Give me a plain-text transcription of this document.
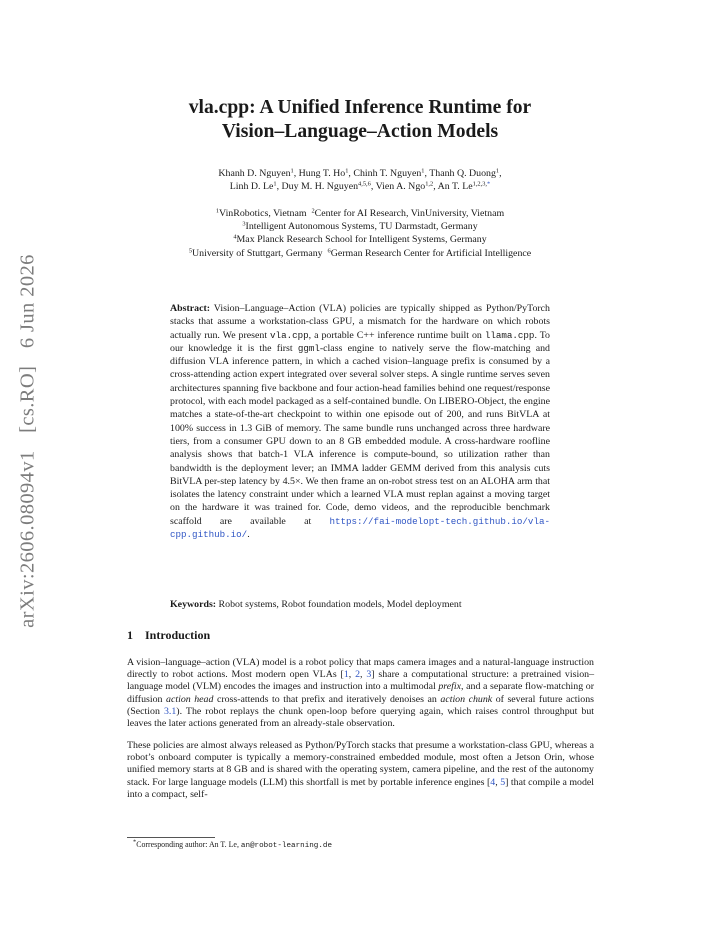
arXiv:2606.08094v1 [cs.RO] 6 Jun 2026
vla.cpp: A Unified Inference Runtime for
Vision–Language–Action Models
Khanh D. Nguyen$^1$, Hung T. Ho$^1$, Chinh T. Nguyen$^1$, Thanh Q. Duong$^1$,
Linh D. Le$^1$, Duy M. H. Nguyen$^{4,5,6}$, Vien A. Ngo$^{1,2}$, An T. $Le^{1,2,3,*}$
$^1$VinRobotics, Vietnam $^2$Center for AI Research, VinUniversity, Vietnam
$^3$Intelligent Autonomous Systems, TU Darmstadt, Germany
$^4$Max Planck Research School for Intelligent Systems, Germany
$^5$University of Stuttgart, Germany $^6$German Research Center for Artificial Intelligence
Abstract: Vision–Language–Action (VLA) policies are typically shipped as Python/PyTorch stacks that assume a workstation-class GPU, a mismatch for the hardware on which robots actually run. We present vla.cpp, a portable C++ inference runtime built on llama.cpp. To our knowledge it is the first ggml-class engine to natively serve the flow-matching and diffusion VLA inference pattern, in which a cached vision–language prefix is consumed by a cross-attending action expert integrated over several solver steps. A single runtime serves seven architectures spanning five backbone and four action-head families behind one request/response protocol, with each model packaged as a self-contained bundle. On LIBERO-Object, the engine matches a state-of-the-art checkpoint to within one episode out of 200, and runs BitVLA at 100% success in 1.3 GiB of memory. The same bundle runs unchanged across three hardware tiers, from a consumer GPU down to an 8 GB embedded module. A cross-hardware roofline analysis shows that batch-1 VLA inference is compute-bound, so utilization rather than bandwidth is the deployment lever; an IMMA ladder GEMM derived from this analysis cuts BitVLA per-step latency by 4.5×. We then frame an on-robot stress test on an ALOHA arm that isolates the latency constraint under which a learned VLA must replan against a moving target on the hardware it was trained for. Code, demo videos, and the reproducible benchmark scaffold are available at https://fai-modelopt-tech.github.io/vla-cpp.github.io/.
Keywords: Robot systems, Robot foundation models, Model deployment
1 Introduction
A vision–language–action (VLA) model is a robot policy that maps camera images and a natural-language instruction directly to robot actions. Most modern open VLAs [1, 2, 3] share a computational structure: a pretrained vision–language model (VLM) encodes the images and instruction into a multimodal prefix, and a separate flow-matching or diffusion action head cross-attends to that prefix and iteratively denoises an action chunk of several future actions (Section 3.1). The robot replays the chunk open-loop before querying again, which raises control throughput but leaves the later actions generated from an already-stale observation.
These policies are almost always released as Python/PyTorch stacks that presume a workstation-class GPU, whereas a robot’s onboard computer is typically a memory-constrained embedded module, most often a Jetson Orin, whose unified memory starts at 8 GB and is shared with the operating system, camera pipeline, and the rest of the autonomy stack. For large language models (LLM) this shortfall is met by portable inference engines [4, 5] that compile a model into a compact, self-
*Corresponding author: An T. Le, an@robot-learning.de
